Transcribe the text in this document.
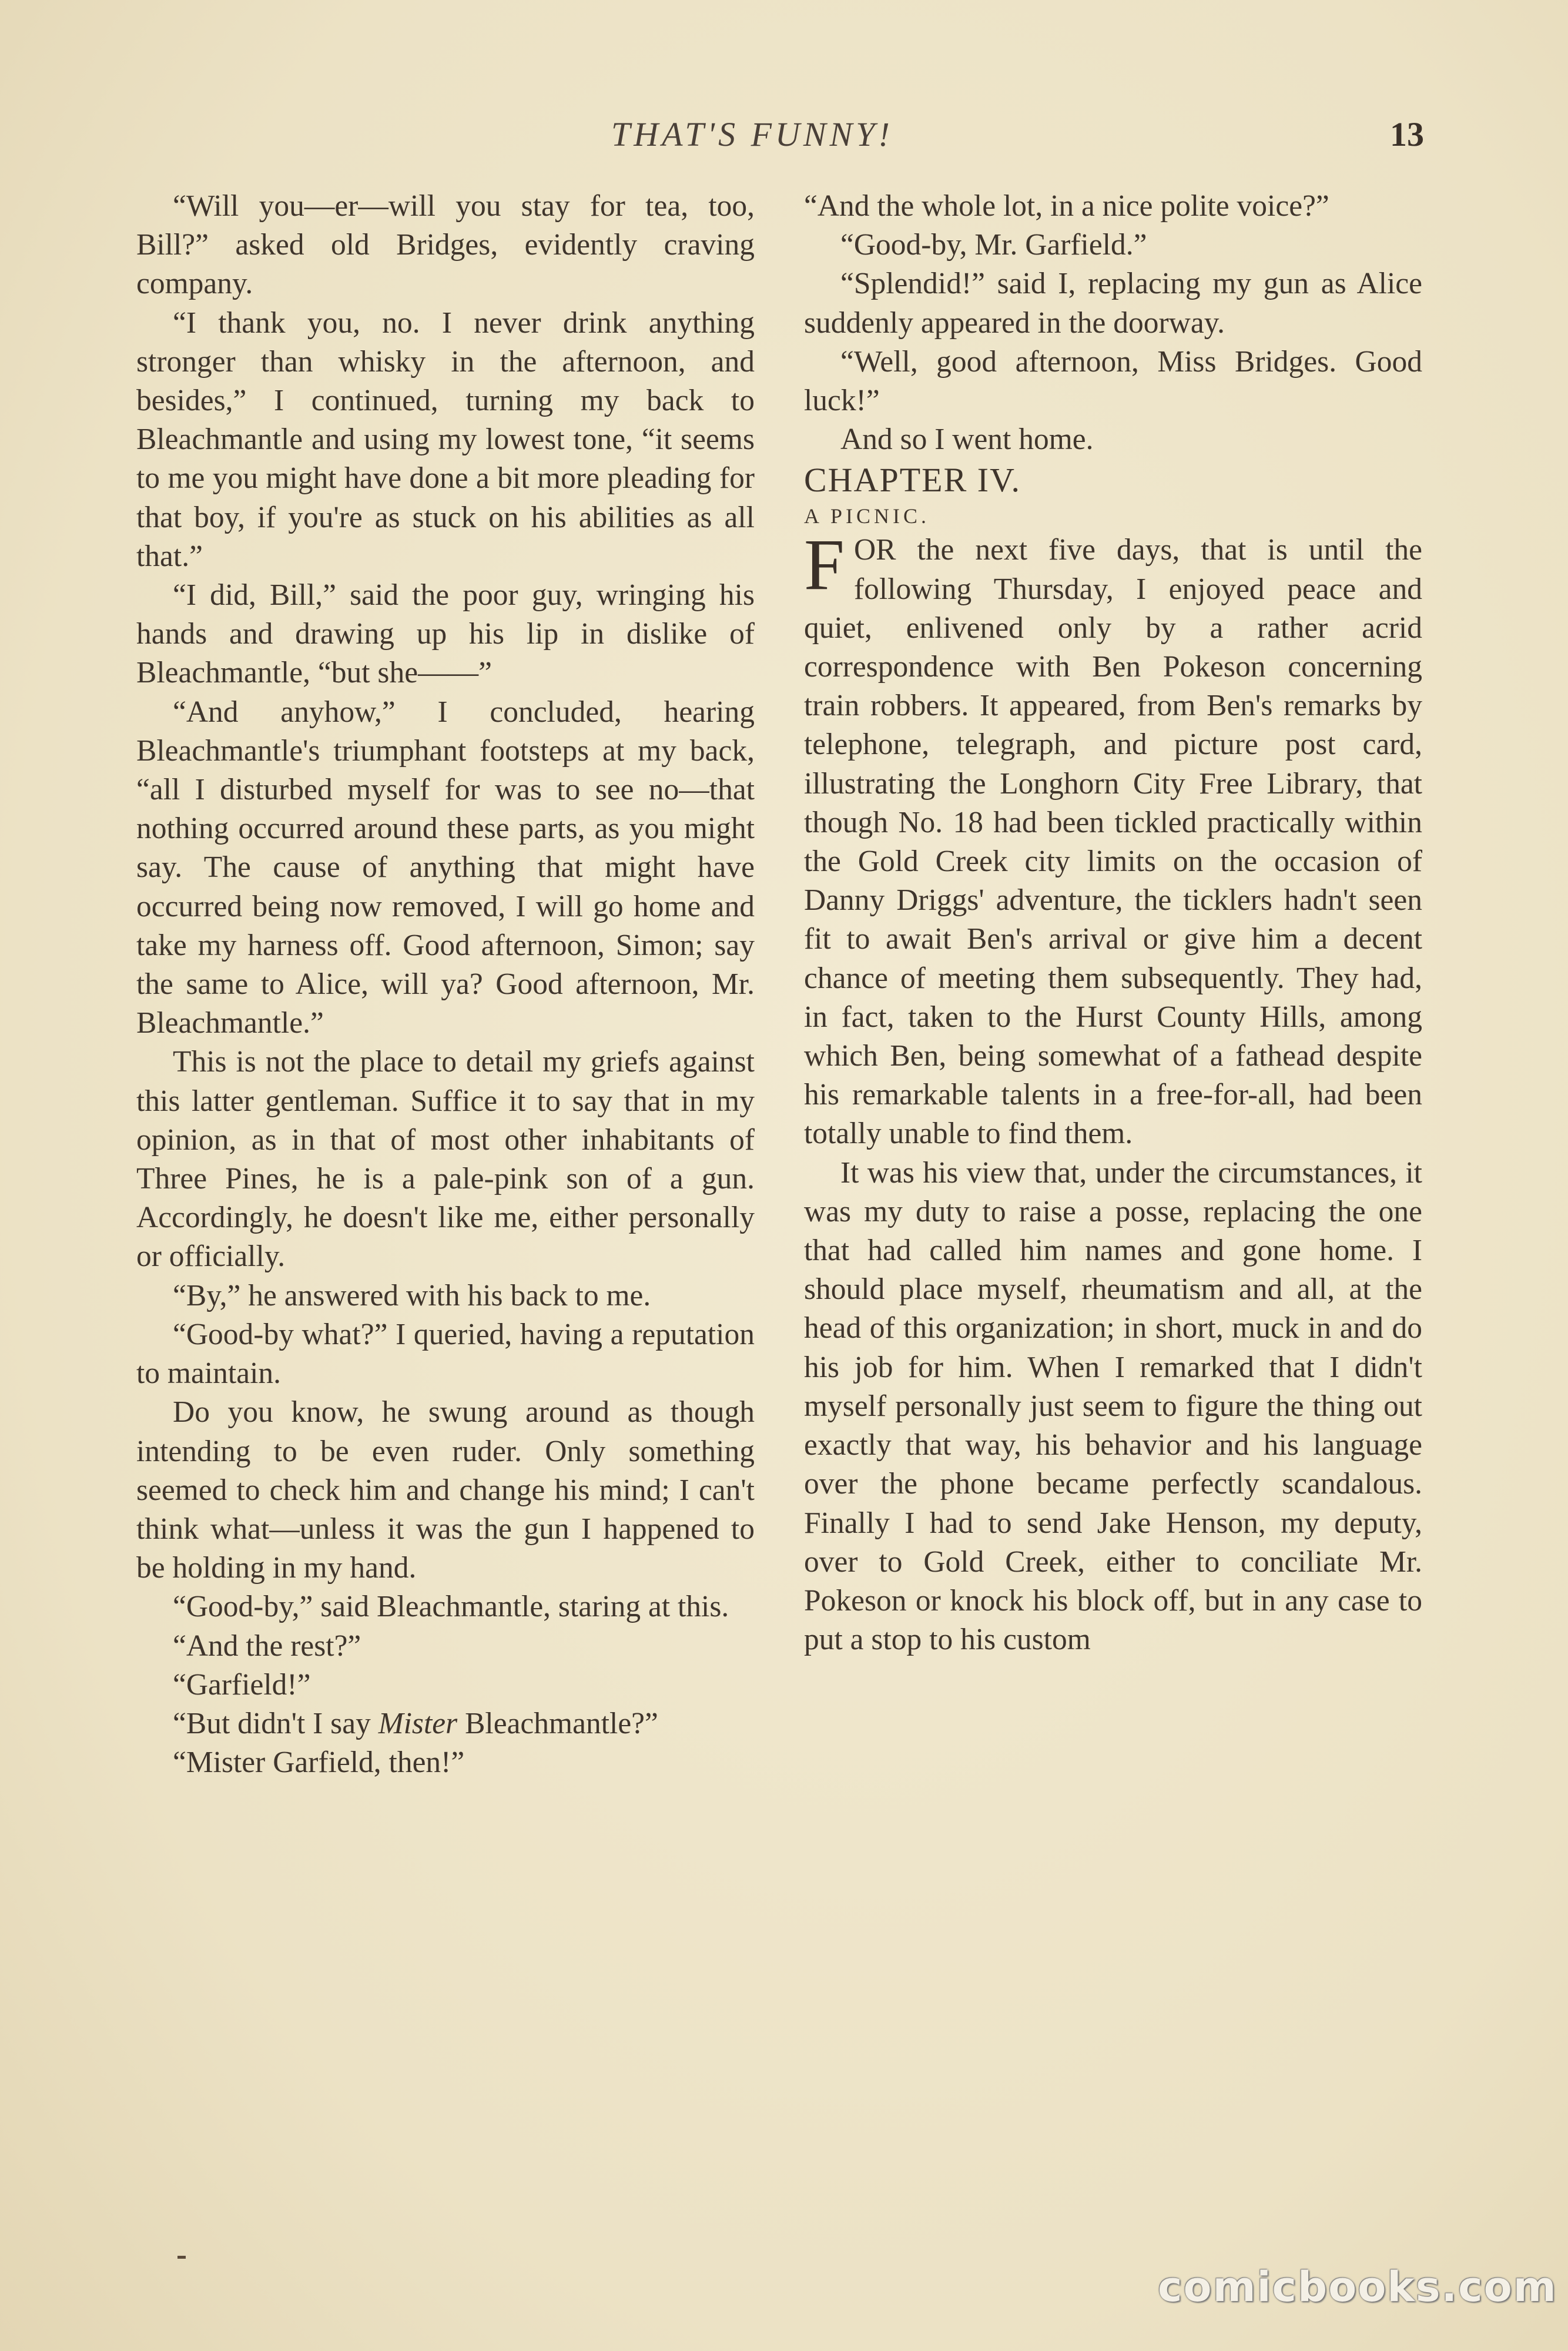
THAT'S FUNNY!	13

“Will you—er—will you stay for tea, too, Bill?” asked old Bridges, evidently craving company.

“I thank you, no. I never drink anything stronger than whisky in the afternoon, and besides,” I continued, turning my back to Bleachmantle and using my lowest tone, “it seems to me you might have done a bit more pleading for that boy, if you're as stuck on his abilities as all that.”

“I did, Bill,” said the poor guy, wringing his hands and drawing up his lip in dislike of Bleachmantle, “but she——”

“And anyhow,” I concluded, hearing Bleachmantle's triumphant footsteps at my back, “all I disturbed myself for was to see no—that nothing occurred around these parts, as you might say. The cause of anything that might have occurred being now removed, I will go home and take my harness off. Good afternoon, Simon; say the same to Alice, will ya? Good afternoon, Mr. Bleachmantle.”

This is not the place to detail my griefs against this latter gentleman. Suffice it to say that in my opinion, as in that of most other inhabitants of Three Pines, he is a pale-pink son of a gun. Accordingly, he doesn't like me, either personally or officially.

“By,” he answered with his back to me.

“Good-by what?” I queried, having a reputation to maintain.

Do you know, he swung around as though intending to be even ruder. Only something seemed to check him and change his mind; I can't think what—unless it was the gun I happened to be holding in my hand.

“Good-by,” said Bleachmantle, staring at this.

“And the rest?”

“Garfield!”

“But didn't I say Mister Bleachmantle?”

“Mister Garfield, then!”

“And the whole lot, in a nice polite voice?”

“Good-by, Mr. Garfield.”

“Splendid!” said I, replacing my gun as Alice suddenly appeared in the doorway.

“Well, good afternoon, Miss Bridges. Good luck!”

And so I went home.

CHAPTER IV.

A PICNIC.

FOR the next five days, that is until the following Thursday, I enjoyed peace and quiet, enlivened only by a rather acrid correspondence with Ben Pokeson concerning train robbers. It appeared, from Ben's remarks by telephone, telegraph, and picture post card, illustrating the Longhorn City Free Library, that though No. 18 had been tickled practically within the Gold Creek city limits on the occasion of Danny Driggs' adventure, the ticklers hadn't seen fit to await Ben's arrival or give him a decent chance of meeting them subsequently. They had, in fact, taken to the Hurst County Hills, among which Ben, being somewhat of a fathead despite his remarkable talents in a free-for-all, had been totally unable to find them.

It was his view that, under the circumstances, it was my duty to raise a posse, replacing the one that had called him names and gone home. I should place myself, rheumatism and all, at the head of this organization; in short, muck in and do his job for him. When I remarked that I didn't myself personally just seem to figure the thing out exactly that way, his behavior and his language over the phone became perfectly scandalous. Finally I had to send Jake Henson, my deputy, over to Gold Creek, either to conciliate Mr. Pokeson or knock his block off, but in any case to put a stop to his custom

comicbooks.com
